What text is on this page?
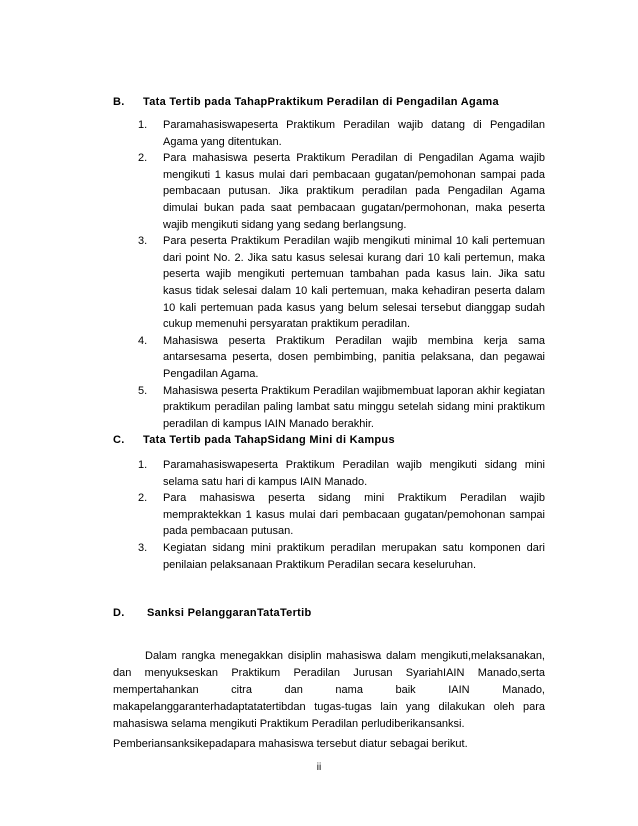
B. Tata Tertib pada TahapPraktikum Peradilan di Pengadilan Agama
1. Paramahasiswapeserta Praktikum Peradilan wajib datang di Pengadilan Agama yang ditentukan.
2. Para mahasiswa peserta Praktikum Peradilan di Pengadilan Agama wajib mengikuti 1 kasus mulai dari pembacaan gugatan/pemohonan sampai pada pembacaan putusan. Jika praktikum peradilan pada Pengadilan Agama dimulai bukan pada saat pembacaan gugatan/permohonan, maka peserta wajib mengikuti sidang yang sedang berlangsung.
3. Para peserta Praktikum Peradilan wajib mengikuti minimal 10 kali pertemuan dari point No. 2. Jika satu kasus selesai kurang dari 10 kali pertemun, maka peserta wajib mengikuti pertemuan tambahan pada kasus lain. Jika satu kasus tidak selesai dalam 10 kali pertemuan, maka kehadiran peserta dalam 10 kali pertemuan pada kasus yang belum selesai tersebut dianggap sudah cukup memenuhi persyaratan praktikum peradilan.
4. Mahasiswa peserta Praktikum Peradilan wajib membina kerja sama antarsesama peserta, dosen pembimbing, panitia pelaksana, dan pegawai Pengadilan Agama.
5. Mahasiswa peserta Praktikum Peradilan wajibmembuat laporan akhir kegiatan praktikum peradilan paling lambat satu minggu setelah sidang mini praktikum peradilan di kampus IAIN Manado berakhir.
C. Tata Tertib pada TahapSidang Mini di Kampus
1. Paramahasiswapeserta Praktikum Peradilan wajib mengikuti sidang mini selama satu hari di kampus IAIN Manado.
2. Para mahasiswa peserta sidang mini Praktikum Peradilan wajib mempraktekkan 1 kasus mulai dari pembacaan gugatan/pemohonan sampai pada pembacaan putusan.
3. Kegiatan sidang mini praktikum peradilan merupakan satu komponen dari penilaian pelaksanaan Praktikum Peradilan secara keseluruhan.
D. Sanksi PelanggaranTataTertib

Dalam rangka menegakkan disiplin mahasiswa dalam mengikuti,melaksanakan, dan menyukseskan Praktikum Peradilan Jurusan SyariahIAIN Manado,serta mempertahankan citra dan nama baik IAIN Manado, makapelanggaranterhadaptatatertibdan tugas-tugas lain yang dilakukan oleh para mahasiswa selama mengikuti Praktikum Peradilan perludiberikansanksi.

Pemberiansanksikepadapara mahasiswa tersebut diatur sebagai berikut.

ii
